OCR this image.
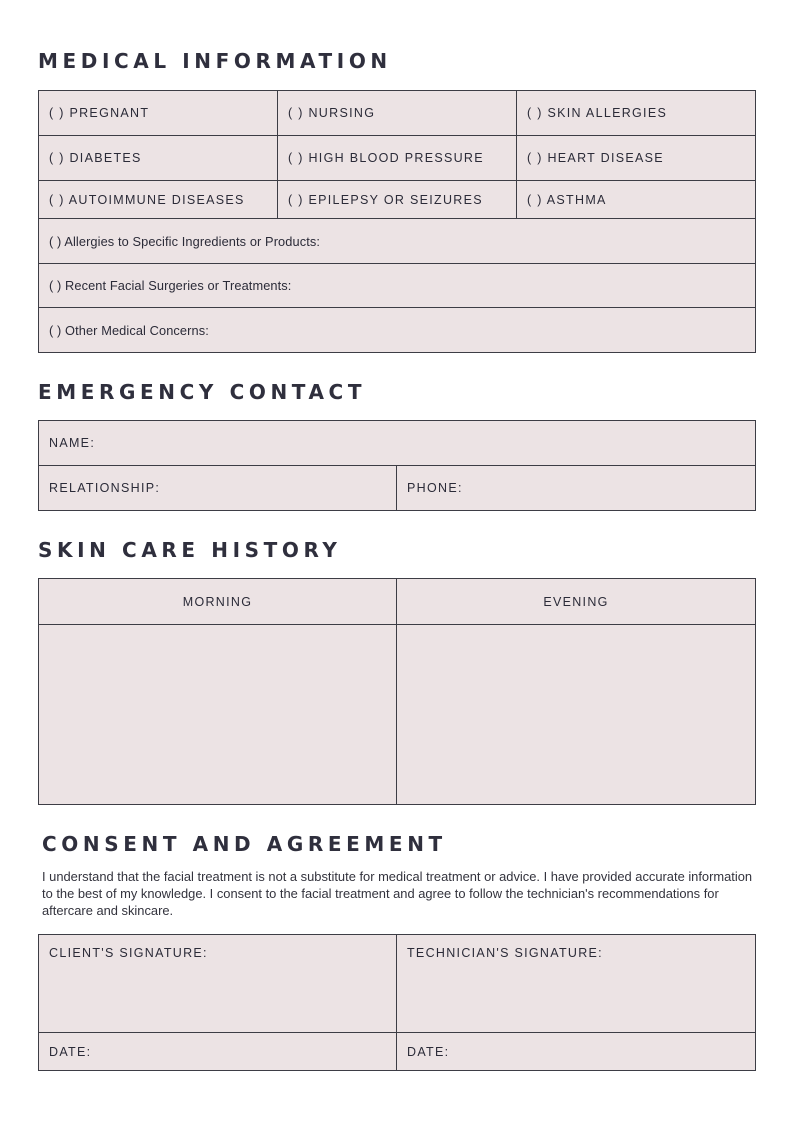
MEDICAL INFORMATION
( ) PREGNANT	( ) NURSING	( ) SKIN ALLERGIES
( ) DIABETES	( ) HIGH BLOOD PRESSURE	( ) HEART DISEASE
( ) AUTOIMMUNE DISEASES	( ) EPILEPSY OR SEIZURES	( ) ASTHMA
( ) Allergies to Specific Ingredients or Products:
( ) Recent Facial Surgeries or Treatments:
( ) Other Medical Concerns:
EMERGENCY CONTACT
NAME:
RELATIONSHIP:	PHONE:
SKIN CARE HISTORY
MORNING	EVENING
CONSENT AND AGREEMENT
I understand that the facial treatment is not a substitute for medical treatment or advice. I have provided accurate information to the best of my knowledge. I consent to the facial treatment and agree to follow the technician's recommendations for aftercare and skincare.
CLIENT'S SIGNATURE:	TECHNICIAN'S SIGNATURE:
DATE:	DATE:
